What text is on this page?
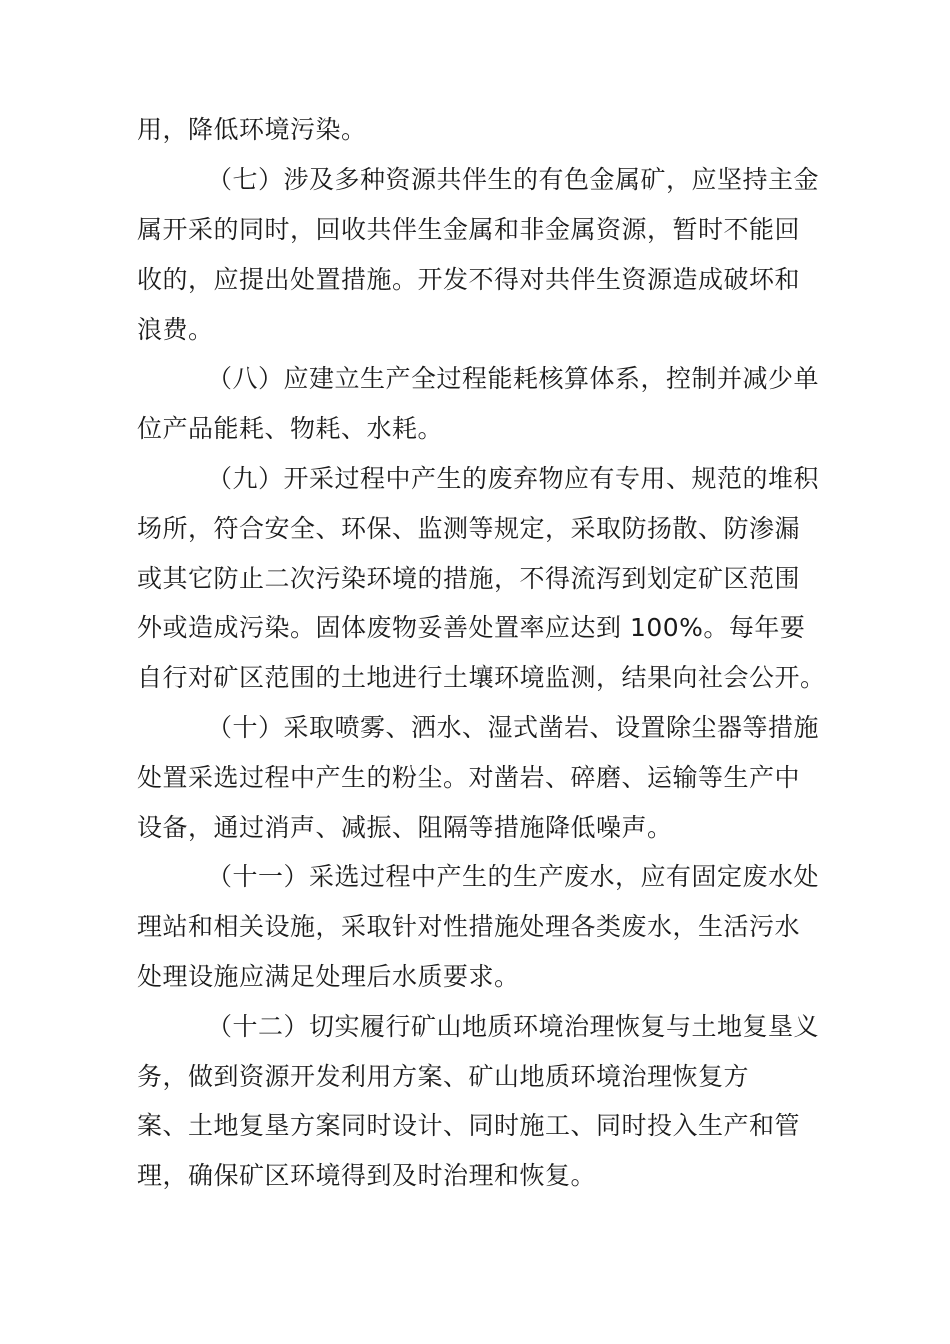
用，降低环境污染。
（七）涉及多种资源共伴生的有色金属矿，应坚持主金
属开采的同时，回收共伴生金属和非金属资源，暂时不能回
收的，应提出处置措施。开发不得对共伴生资源造成破坏和
浪费。
（八）应建立生产全过程能耗核算体系，控制并减少单
位产品能耗、物耗、水耗。
（九）开采过程中产生的废弃物应有专用、规范的堆积
场所，符合安全、环保、监测等规定，采取防扬散、防渗漏
或其它防止二次污染环境的措施，不得流泻到划定矿区范围
外或造成污染。固体废物妥善处置率应达到 100%。每年要
自行对矿区范围的土地进行土壤环境监测，结果向社会公开。
（十）采取喷雾、洒水、湿式凿岩、设置除尘器等措施
处置采选过程中产生的粉尘。对凿岩、碎磨、运输等生产中
设备，通过消声、减振、阻隔等措施降低噪声。
（十一）采选过程中产生的生产废水，应有固定废水处
理站和相关设施，采取针对性措施处理各类废水，生活污水
处理设施应满足处理后水质要求。
（十二）切实履行矿山地质环境治理恢复与土地复垦义
务，做到资源开发利用方案、矿山地质环境治理恢复方
案、土地复垦方案同时设计、同时施工、同时投入生产和管
理，确保矿区环境得到及时治理和恢复。
